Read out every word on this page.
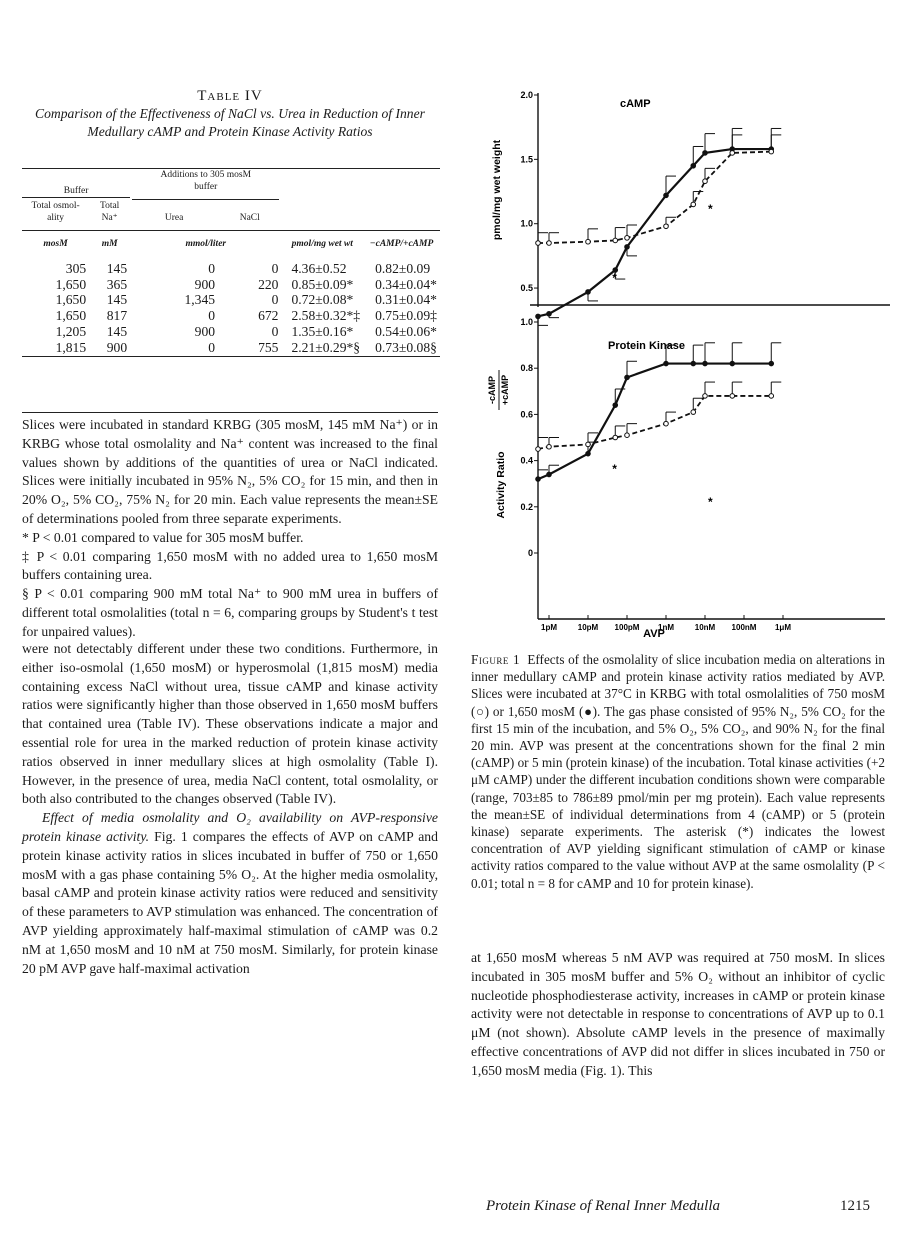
Table IV
Comparison of the Effectiveness of NaCl vs. Urea in Reduction of Inner Medullary cAMP and Protein Kinase Activity Ratios
Buffer		Additions to 305 mosM buffer			

Total osmol-ality	Total Na⁺	Urea	NaCl		
mosM	mM	mmol/liter		pmol/mg wet wt	−cAMP/+cAMP
305	145	0	0	4.36±0.52	0.82±0.09
1,650	365	900	220	0.85±0.09*	0.34±0.04*
1,650	145	1,345	0	0.72±0.08*	0.31±0.04*
1,650	817	0	672	2.58±0.32*‡	0.75±0.09‡
1,205	145	900	0	1.35±0.16*	0.54±0.06*
1,815	900	0	755	2.21±0.29*§	0.73±0.08§

Slices were incubated in standard KRBG (305 mosM, 145 mM Na⁺) or in KRBG whose total osmolality and Na⁺ content was increased to the final values shown by additions of the quantities of urea or NaCl indicated. Slices were initially incubated in 95% N₂, 5% CO₂ for 15 min, and then in 20% O₂, 5% CO₂, 75% N₂ for 20 min. Each value represents the mean±SE of determinations pooled from three separate experiments.

* P < 0.01 compared to value for 305 mosM buffer.

‡ P < 0.01 comparing 1,650 mosM with no added urea to 1,650 mosM buffers containing urea.

§ P < 0.01 comparing 900 mM total Na⁺ to 900 mM urea in buffers of different total osmolalities (total n = 6, comparing groups by Student's t test for unpaired values).

were not detectably different under these two conditions. Furthermore, in either iso-osmolal (1,650 mosM) or hyperosmolal (1,815 mosM) media containing excess NaCl without urea, tissue cAMP and kinase activity ratios were significantly higher than those observed in 1,650 mosM buffers that contained urea (Table IV). These observations indicate a major and essential role for urea in the marked reduction of protein kinase activity ratios observed in inner medullary slices at high osmolality (Table I). However, in the presence of urea, media NaCl content, total osmolality, or both also contributed to the changes observed (Table IV).

Effect of media osmolality and O₂ availability on AVP-responsive protein kinase activity. Fig. 1 compares the effects of AVP on cAMP and protein kinase activity ratios in slices incubated in buffer of 750 or 1,650 mosM with a gas phase containing 5% O₂. At the higher media osmolality, basal cAMP and protein kinase activity ratios were reduced and sensitivity of these parameters to AVP stimulation was enhanced. The concentration of AVP yielding approximately half-maximal stimulation of cAMP was 0.2 nM at 1,650 mosM and 10 nM at 750 mosM. Similarly, for protein kinase 20 pM AVP gave half-maximal activation

cAMP
Protein Kinase
pmol/mg wet weight
Activity Ratio
-cAMP +cAMP
AVP
0.5
1.0
1.5
2.0
0
0.2
0.4
0.6
0.8
1.0
*
*
*
*
1pM	10pM 100pM 1nM	10nM 100nM 1μM
Figure 1 Effects of the osmolality of slice incubation media on alterations in inner medullary cAMP and protein kinase activity ratios mediated by AVP. Slices were incubated at 37°C in KRBG with total osmolalities of 750 mosM (○) or 1,650 mosM (●). The gas phase consisted of 95% N₂, 5% CO₂ for the first 15 min of the incubation, and 5% O₂, 5% CO₂, and 90% N₂ for the final 20 min. AVP was present at the concentrations shown for the final 2 min (cAMP) or 5 min (protein kinase) of the incubation. Total kinase activities (+2 μM cAMP) under the different incubation conditions shown were comparable (range, 703±85 to 786±89 pmol/min per mg protein). Each value represents the mean±SE of individual determinations from 4 (cAMP) or 5 (protein kinase) separate experiments. The asterisk (*) indicates the lowest concentration of AVP yielding significant stimulation of cAMP or kinase activity ratios compared to the value without AVP at the same osmolality (P < 0.01; total n = 8 for cAMP and 10 for protein kinase).

at 1,650 mosM whereas 5 nM AVP was required at 750 mosM. In slices incubated in 305 mosM buffer and 5% O₂ without an inhibitor of cyclic nucleotide phosphodiesterase activity, increases in cAMP or protein kinase activity were not detectable in response to concentrations of AVP up to 0.1 μM (not shown). Absolute cAMP levels in the presence of maximally effective concentrations of AVP did not differ in slices incubated in 750 or 1,650 mosM media (Fig. 1). This

Protein Kinase of Renal Inner Medulla	1215
